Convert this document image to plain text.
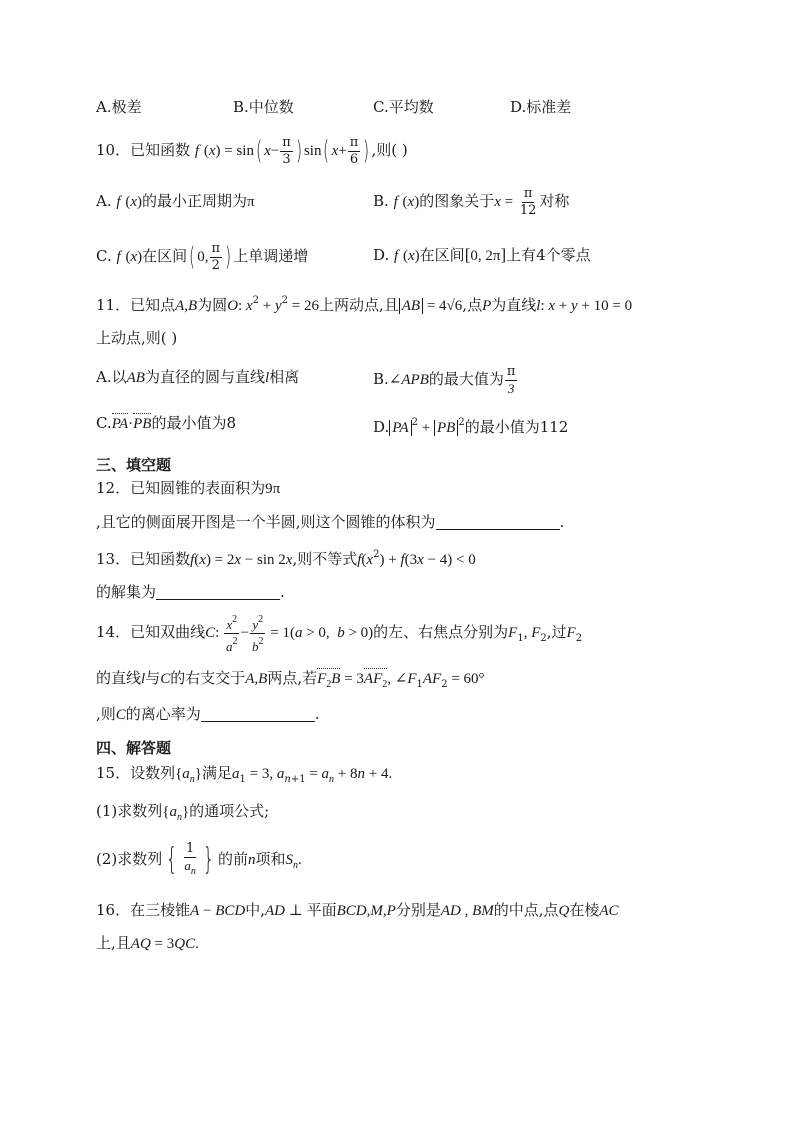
A.极差	B.中位数	C.平均数	D.标准差
10．已知函数 f (x) = sin( $x- \frac{\pi}{3}$ ) sin( $x+ \frac{\pi}{6}$ ) ,则( )
A. f (x)的最小正周期为π	B. f (x)的图象关于$x = \frac{\pi}{12}$ 对称
C. f (x)在区间( 0, $\frac{\pi}{2}$ ) 上单调递增	D. f (x)在区间[0, 2π]上有4个零点
11．已知点A,B为圆O: $x^2 + y^2 = 26$上两动点,且 AB = 4√6,点P为直线l: x + y + 10 = 0
上动点,则( )
A.以AB为直径的圆与直线l相离	B.∠APB的最大值为 $\frac{\pi}{3}$
C.PA·PB的最小值为8	D. PA $^2$ + PB $^2$的最小值为112
三、填空题
12．已知圆锥的表面积为9π
,且它的侧面展开图是一个半圆,则这个圆锥的体积为	.
13．已知函数f(x) = 2x − sin 2x,则不等式$f(x^2) + f(3x - 4) < 0$
的解集为	.
14．已知双曲线C: $\frac{x^2}{a^2} - \frac{y^2}{b^2} = 1(a > 0$,  b > 0)的左、右焦点分别为$F_1$, $F_2$,过$F_2$
的直线l与C的右支交于A,B两点,若$F_2B = 3AF_2$, $\angle F_1AF_2 = 60^\circ$
,则C的离心率为	.
四、解答题
15．设数列$\{a_n\}$满足$a_1 = 3$, $a_{n+1} = a_n + 8n + 4$.
(1)求数列$\{a_n\}$的通项公式;
(2)求数列 { $\frac{1}{a_n}$ } 的前n项和$S_n$.
16．在三棱锥A − BCD中,AD ⊥ 平面BCD,M,P分别是AD , BM的中点,点Q在棱AC
上,且AQ = 3QC.
